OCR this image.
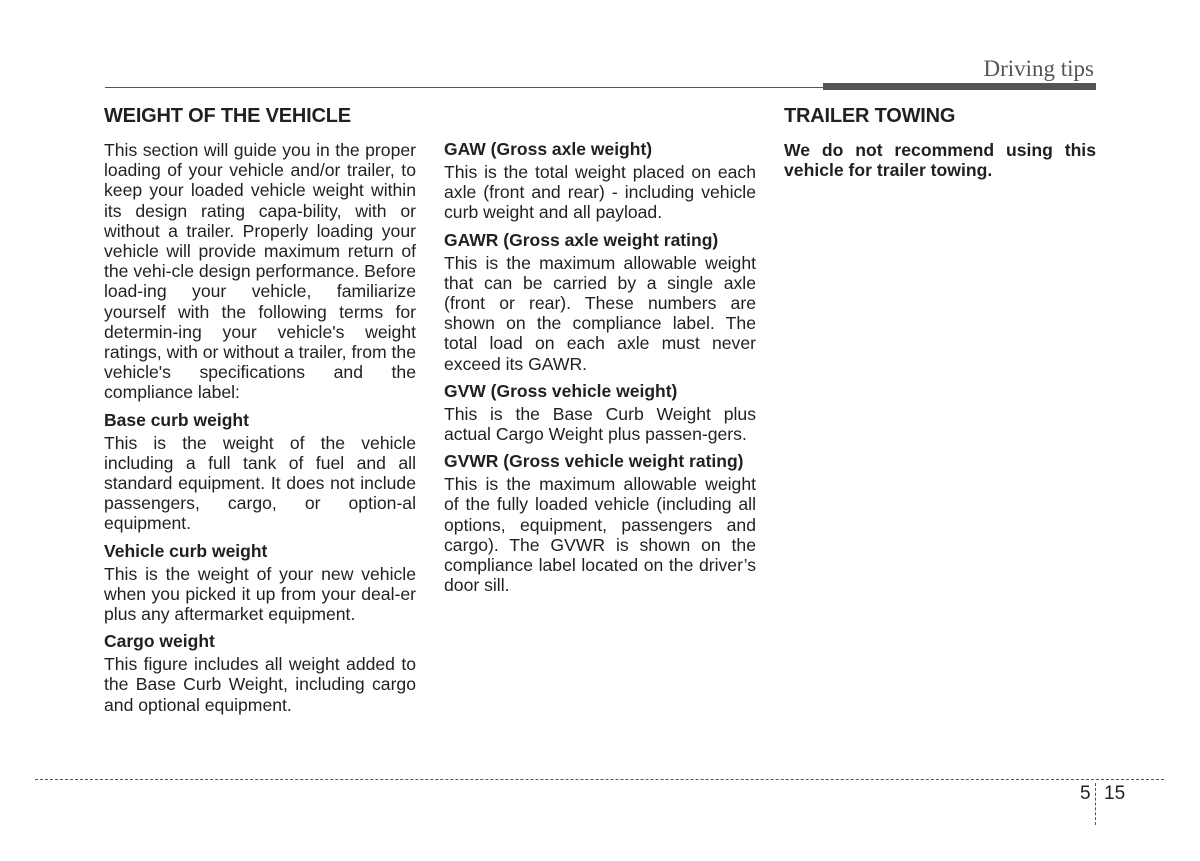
Driving tips
WEIGHT OF THE VEHICLE

This section will guide you in the proper loading of your vehicle and/or trailer, to keep your loaded vehicle weight within its design rating capa-bility, with or without a trailer. Properly loading your vehicle will provide maximum return of the vehi-cle design performance. Before load-ing your vehicle, familiarize yourself with the following terms for determin-ing your vehicle's weight ratings, with or without a trailer, from the vehicle's specifications and the compliance label:

Base curb weight

This is the weight of the vehicle including a full tank of fuel and all standard equipment. It does not include passengers, cargo, or option-al equipment.

Vehicle curb weight

This is the weight of your new vehicle when you picked it up from your deal-er plus any aftermarket equipment.

Cargo weight

This figure includes all weight added to the Base Curb Weight, including cargo and optional equipment.

GAW (Gross axle weight)

This is the total weight placed on each axle (front and rear) - including vehicle curb weight and all payload.

GAWR (Gross axle weight rating)

This is the maximum allowable weight that can be carried by a single axle (front or rear). These numbers are shown on the compliance label. The total load on each axle must never exceed its GAWR.

GVW (Gross vehicle weight)

This is the Base Curb Weight plus actual Cargo Weight plus passen-gers.

GVWR (Gross vehicle weight rating)

This is the maximum allowable weight of the fully loaded vehicle (including all options, equipment, passengers and cargo). The GVWR is shown on the compliance label located on the driver’s door sill.

TRAILER TOWING

We do not recommend using this vehicle for trailer towing.

5 15
